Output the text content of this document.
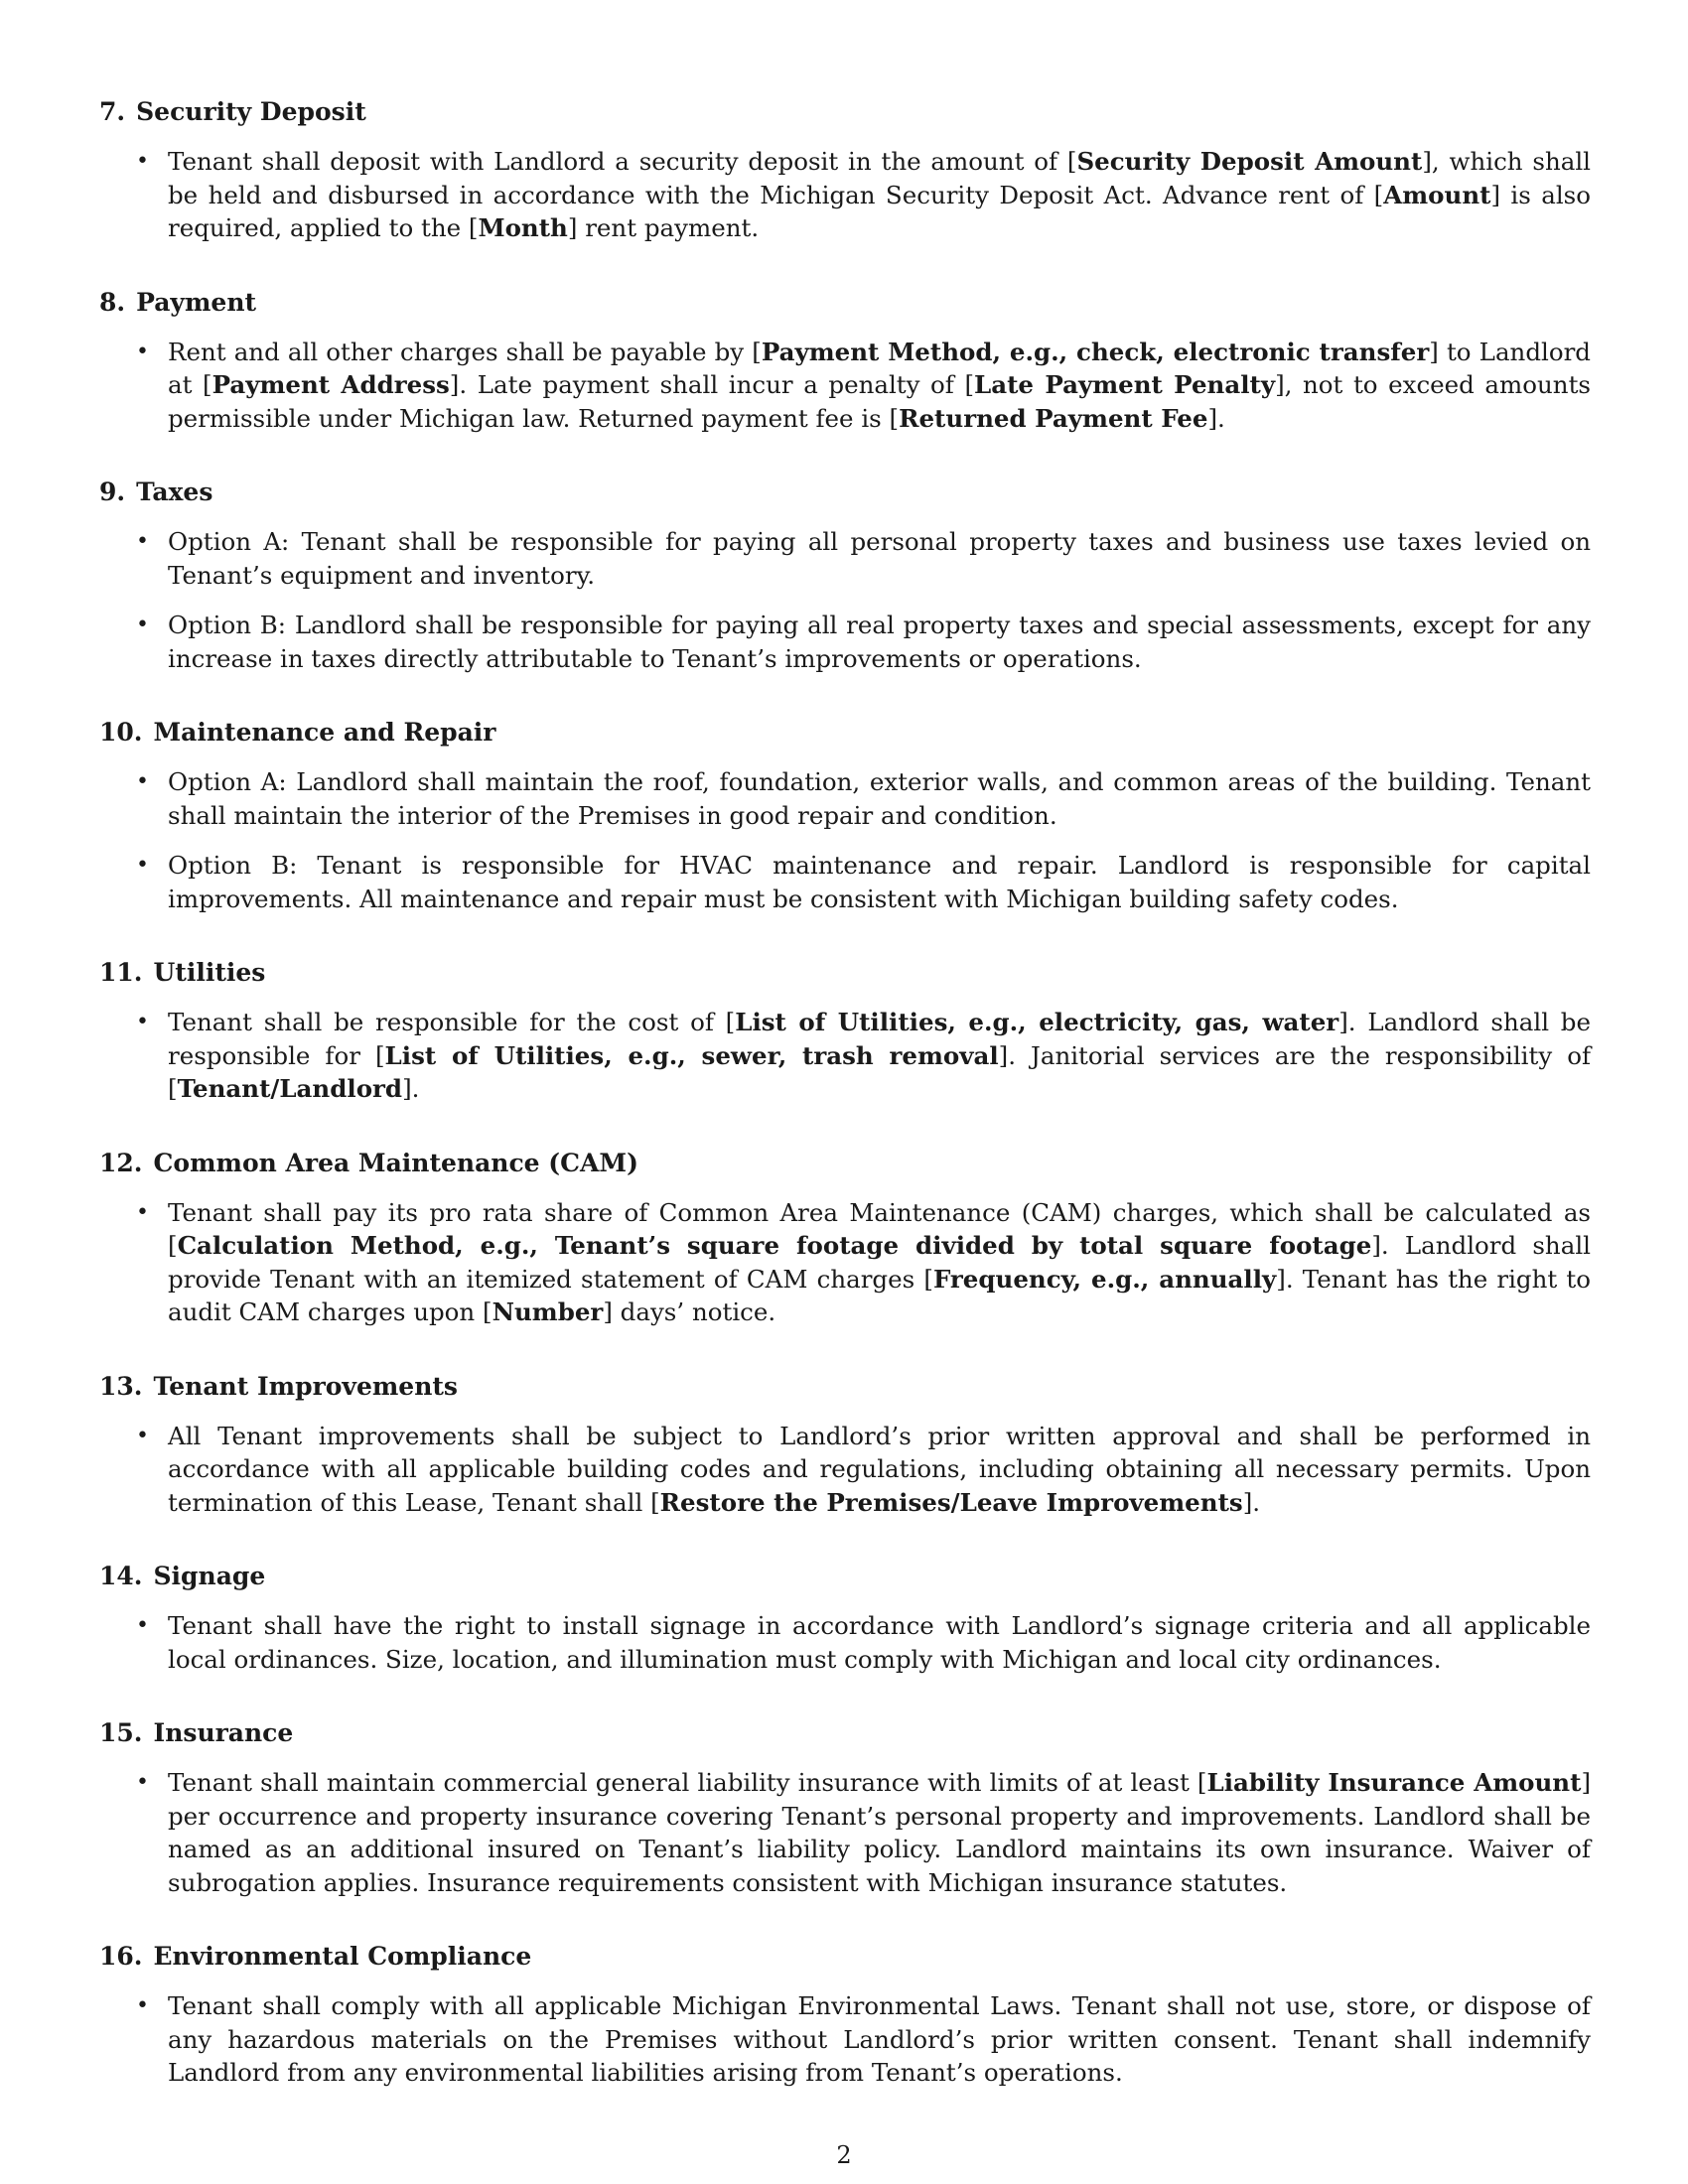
7. Security Deposit
• Tenant shall deposit with Landlord a security deposit in the amount of [Security Deposit Amount], which shall be held and disbursed in accordance with the Michigan Security Deposit Act. Advance rent of [Amount] is also required, applied to the [Month] rent payment.
8. Payment
• Rent and all other charges shall be payable by [Payment Method, e.g., check, electronic transfer] to Landlord at [Payment Address]. Late payment shall incur a penalty of [Late Payment Penalty], not to exceed amounts permissible under Michigan law. Returned payment fee is [Returned Payment Fee].
9. Taxes
• Option A: Tenant shall be responsible for paying all personal property taxes and business use taxes levied on Tenant’s equipment and inventory.
• Option B: Landlord shall be responsible for paying all real property taxes and special assessments, except for any increase in taxes directly attributable to Tenant’s improvements or operations.
10. Maintenance and Repair
• Option A: Landlord shall maintain the roof, foundation, exterior walls, and common areas of the building. Tenant shall maintain the interior of the Premises in good repair and condition.
• Option B: Tenant is responsible for HVAC maintenance and repair. Landlord is responsible for capital improvements. All maintenance and repair must be consistent with Michigan building safety codes.
11. Utilities
• Tenant shall be responsible for the cost of [List of Utilities, e.g., electricity, gas, water]. Landlord shall be responsible for [List of Utilities, e.g., sewer, trash removal]. Janitorial services are the responsibility of [Tenant/Landlord].
12. Common Area Maintenance (CAM)
• Tenant shall pay its pro rata share of Common Area Maintenance (CAM) charges, which shall be calculated as [Calculation Method, e.g., Tenant’s square footage divided by total square footage]. Landlord shall provide Tenant with an itemized statement of CAM charges [Frequency, e.g., annually]. Tenant has the right to audit CAM charges upon [Number] days’ notice.
13. Tenant Improvements
• All Tenant improvements shall be subject to Landlord’s prior written approval and shall be performed in accordance with all applicable building codes and regulations, including obtaining all necessary permits. Upon termination of this Lease, Tenant shall [Restore the Premises/Leave Improvements].
14. Signage
• Tenant shall have the right to install signage in accordance with Landlord’s signage criteria and all applicable local ordinances. Size, location, and illumination must comply with Michigan and local city ordinances.
15. Insurance
• Tenant shall maintain commercial general liability insurance with limits of at least [Liability Insurance Amount] per occurrence and property insurance covering Tenant’s personal property and improvements. Landlord shall be named as an additional insured on Tenant’s liability policy. Landlord maintains its own insurance. Waiver of subrogation applies. Insurance requirements consistent with Michigan insurance statutes.
16. Environmental Compliance
• Tenant shall comply with all applicable Michigan Environmental Laws. Tenant shall not use, store, or dispose of any hazardous materials on the Premises without Landlord’s prior written consent. Tenant shall indemnify Landlord from any environmental liabilities arising from Tenant’s operations.
2
